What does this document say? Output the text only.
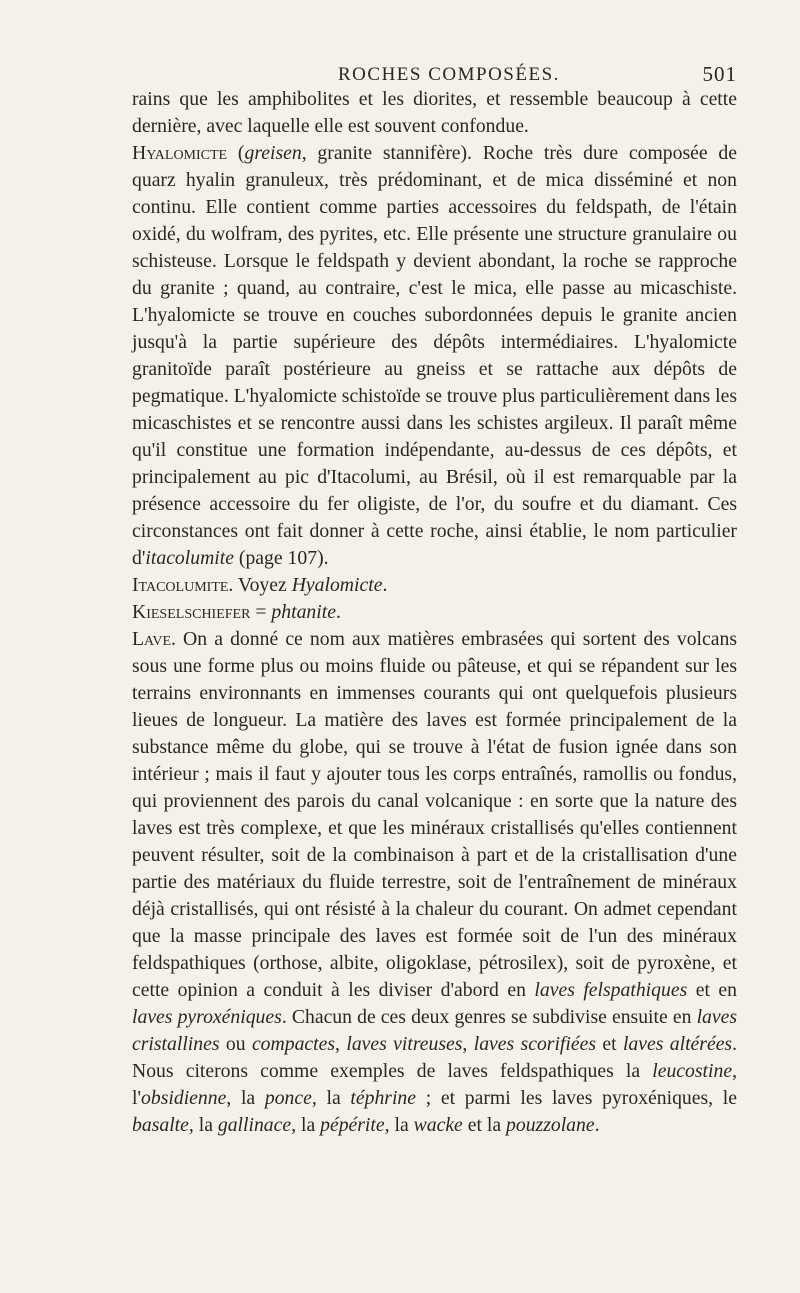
ROCHES COMPOSÉES.	501

rains que les amphibolites et les diorites, et ressemble beaucoup à cette dernière, avec laquelle elle est souvent confondue.

Hyalomicte (greisen, granite stannifère). Roche très dure composée de quarz hyalin granuleux, très prédominant, et de mica disséminé et non continu. Elle contient comme parties accessoires du feldspath, de l'étain oxidé, du wolfram, des pyrites, etc. Elle présente une structure granulaire ou schisteuse. Lorsque le feldspath y devient abondant, la roche se rapproche du granite ; quand, au contraire, c'est le mica, elle passe au micaschiste. L'hyalomicte se trouve en couches subordonnées depuis le granite ancien jusqu'à la partie supérieure des dépôts intermédiaires. L'hyalomicte granitoïde paraît postérieure au gneiss et se rattache aux dépôts de pegmatique. L'hyalomicte schistoïde se trouve plus particulièrement dans les micaschistes et se rencontre aussi dans les schistes argileux. Il paraît même qu'il constitue une formation indépendante, au-dessus de ces dépôts, et principalement au pic d'Itacolumi, au Brésil, où il est remarquable par la présence accessoire du fer oligiste, de l'or, du soufre et du diamant. Ces circonstances ont fait donner à cette roche, ainsi établie, le nom particulier d'itacolumite (page 107).

Itacolumite. Voyez Hyalomicte.

Kieselschiefer = phtanite.

Lave. On a donné ce nom aux matières embrasées qui sortent des volcans sous une forme plus ou moins fluide ou pâteuse, et qui se répandent sur les terrains environnants en immenses courants qui ont quelquefois plusieurs lieues de longueur. La matière des laves est formée principalement de la substance même du globe, qui se trouve à l'état de fusion ignée dans son intérieur ; mais il faut y ajouter tous les corps entraînés, ramollis ou fondus, qui proviennent des parois du canal volcanique : en sorte que la nature des laves est très complexe, et que les minéraux cristallisés qu'elles contiennent peuvent résulter, soit de la combinaison à part et de la cristallisation d'une partie des matériaux du fluide terrestre, soit de l'entraînement de minéraux déjà cristallisés, qui ont résisté à la chaleur du courant. On admet cependant que la masse principale des laves est formée soit de l'un des minéraux feldspathiques (orthose, albite, oligoklase, pétrosilex), soit de pyroxène, et cette opinion a conduit à les diviser d'abord en laves felspathiques et en laves pyroxéniques. Chacun de ces deux genres se subdivise ensuite en laves cristallines ou compactes, laves vitreuses, laves scorifiées et laves altérées. Nous citerons comme exemples de laves feldspathiques la leucostine, l'obsidienne, la ponce, la téphrine ; et parmi les laves pyroxéniques, le basalte, la gallinace, la pépérite, la wacke et la pouzzolane.
